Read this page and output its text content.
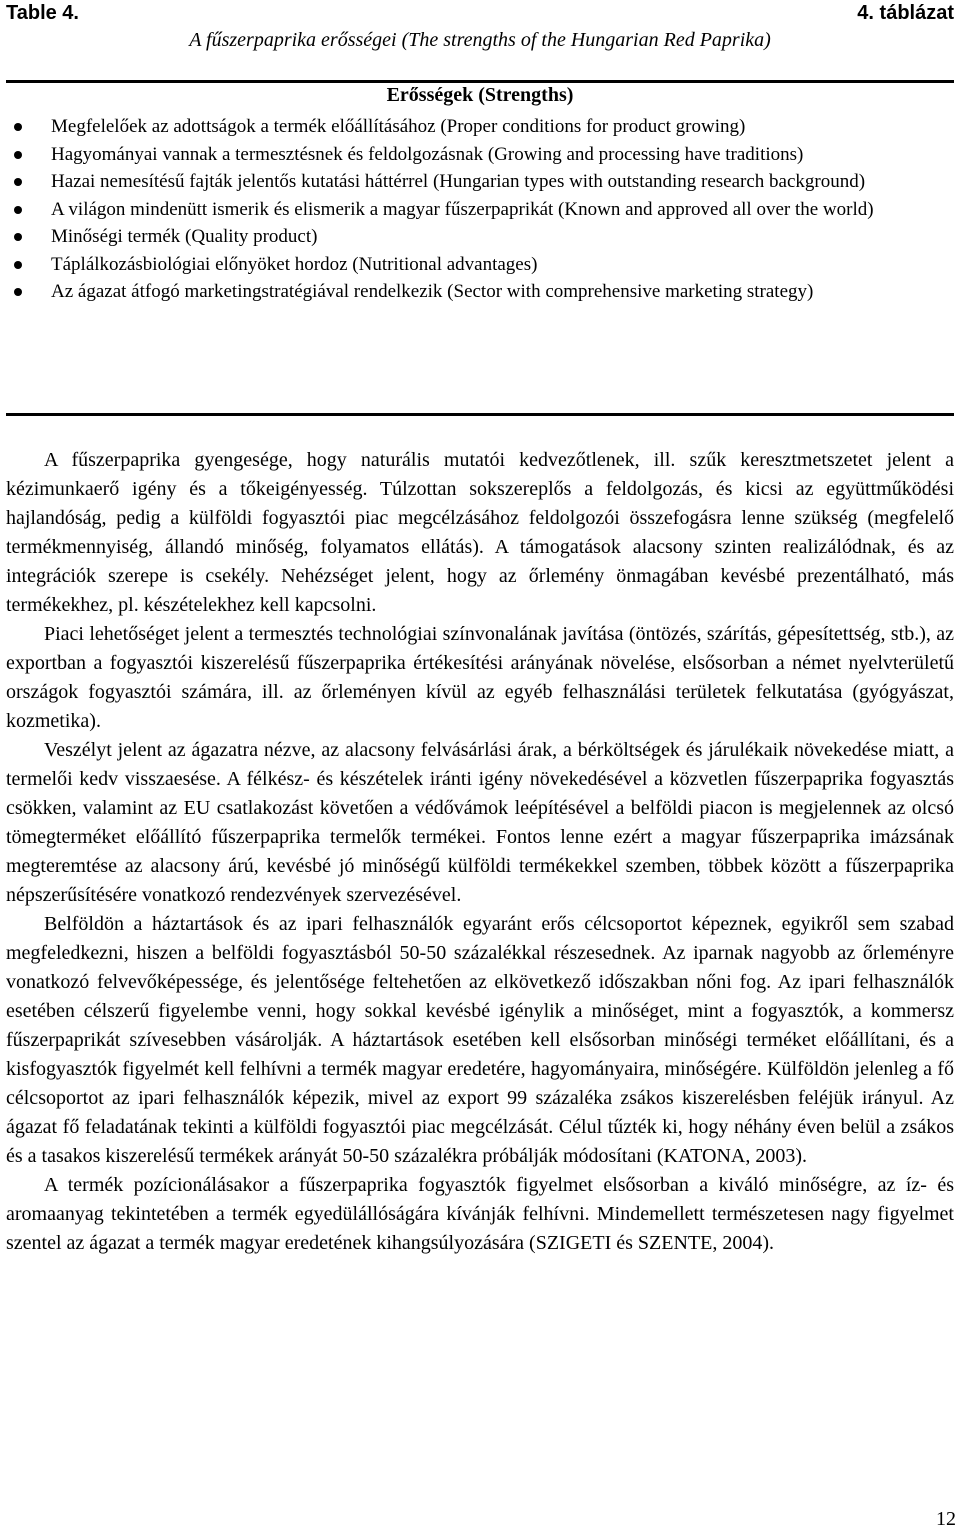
Table 4.	4. táblázat
A fűszerpaprika erősségei (The strengths of the Hungarian Red Paprika)
Erősségek (Strengths)
Megfelelőek az adottságok a termék előállításához (Proper conditions for product growing)
Hagyományai vannak a termesztésnek és feldolgozásnak (Growing and processing have traditions)
Hazai nemesítésű fajták jelentős kutatási háttérrel (Hungarian types with outstanding research background)
A világon mindenütt ismerik és elismerik a magyar fűszerpaprikát (Known and approved all over the world)
Minőségi termék (Quality product)
Táplálkozásbiológiai előnyöket hordoz (Nutritional advantages)
Az ágazat átfogó marketingstratégiával rendelkezik (Sector with comprehensive marketing strategy)

A fűszerpaprika gyengesége, hogy naturális mutatói kedvezőtlenek, ill. szűk keresztmetszetet jelent a kézimunkaerő igény és a tőkeigényesség. Túlzottan sokszereplős a feldolgozás, és kicsi az együttműködési hajlandóság, pedig a külföldi fogyasztói piac megcélzásához feldolgozói összefogásra lenne szükség (megfelelő termékmennyiség, állandó minőség, folyamatos ellátás). A támogatások alacsony szinten realizálódnak, és az integrációk szerepe is csekély. Nehézséget jelent, hogy az őrlemény önmagában kevésbé prezentálható, más termékekhez, pl. készételekhez kell kapcsolni.

Piaci lehetőséget jelent a termesztés technológiai színvonalának javítása (öntözés, szárítás, gépesítettség, stb.), az exportban a fogyasztói kiszerelésű fűszerpaprika értékesítési arányának növelése, elsősorban a német nyelvterületű országok fogyasztói számára, ill. az őrleményen kívül az egyéb felhasználási területek felkutatása (gyógyászat, kozmetika).

Veszélyt jelent az ágazatra nézve, az alacsony felvásárlási árak, a bérköltségek és járulékaik növekedése miatt, a termelői kedv visszaesése. A félkész- és készételek iránti igény növekedésével a közvetlen fűszerpaprika fogyasztás csökken, valamint az EU csatlakozást követően a védővámok leépítésével a belföldi piacon is megjelennek az olcsó tömegterméket előállító fűszerpaprika termelők termékei. Fontos lenne ezért a magyar fűszerpaprika imázsának megteremtése az alacsony árú, kevésbé jó minőségű külföldi termékekkel szemben, többek között a fűszerpaprika népszerűsítésére vonatkozó rendezvények szervezésével.

Belföldön a háztartások és az ipari felhasználók egyaránt erős célcsoportot képeznek, egyikről sem szabad megfeledkezni, hiszen a belföldi fogyasztásból 50-50 százalékkal részesednek. Az iparnak nagyobb az őrleményre vonatkozó felvevőképessége, és jelentősége feltehetően az elkövetkező időszakban nőni fog. Az ipari felhasználók esetében célszerű figyelembe venni, hogy sokkal kevésbé igénylik a minőséget, mint a fogyasztók, a kommersz fűszerpaprikát szívesebben vásárolják. A háztartások esetében kell elsősorban minőségi terméket előállítani, és a kisfogyasztók figyelmét kell felhívni a termék magyar eredetére, hagyományaira, minőségére. Külföldön jelenleg a fő célcsoportot az ipari felhasználók képezik, mivel az export 99 százaléka zsákos kiszerelésben feléjük irányul. Az ágazat fő feladatának tekinti a külföldi fogyasztói piac megcélzását. Célul tűzték ki, hogy néhány éven belül a zsákos és a tasakos kiszerelésű termékek arányát 50-50 százalékra próbálják módosítani (KATONA, 2003).

A termék pozícionálásakor a fűszerpaprika fogyasztók figyelmet elsősorban a kiváló minőségre, az íz- és aromaanyag tekintetében a termék egyedülállóságára kívánják felhívni. Mindemellett természetesen nagy figyelmet szentel az ágazat a termék magyar eredetének kihangsúlyozására (SZIGETI és SZENTE, 2004).

12
